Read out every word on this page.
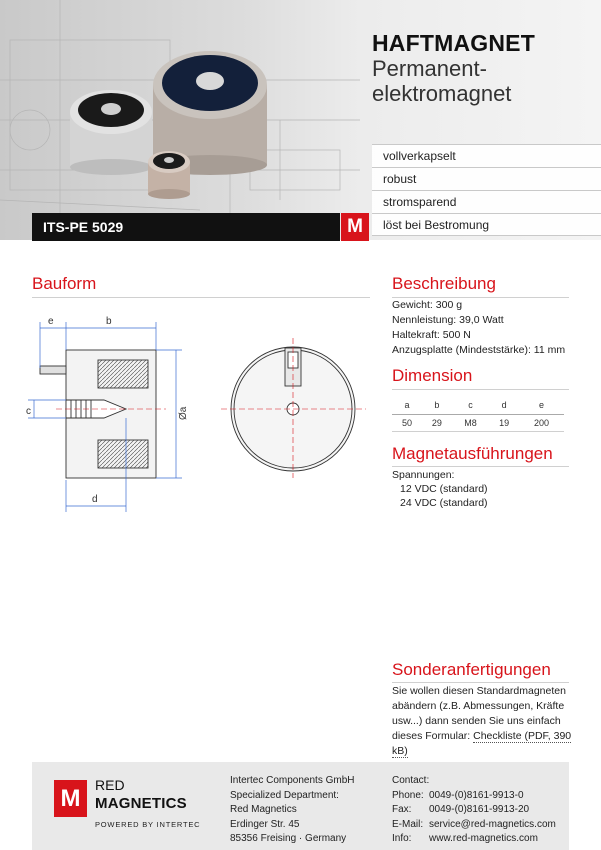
HAFTMAGNET
Permanent-
elektromagnet
vollverkapselt
robust
stromsparend
löst bei Bestromung
ITS-PE 5029	M
Bauform
e	b
c	Øa
d
Beschreibung
Gewicht: 300 g
Nennleistung: 39,0 Watt
Haltekraft: 500 N
Anzugsplatte (Mindeststärke): 11 mm
Dimension
a	b	c	d	e
50	29	M8	19	200
Magnetausführungen
Spannungen:
12 VDC (standard)
24 VDC (standard)
Sonderanfertigungen
Sie wollen diesen Standardmagneten
abändern (z.B. Abmessungen, Kräfte
usw...) dann senden Sie uns einfach
dieses Formular: Checkliste (PDF, 390 kB)
M	RED
MAGNETICS
POWERED BY INTERTEC
Intertec Components GmbH
Specialized Department:
Red Magnetics
Erdinger Str. 45
85356 Freising · Germany
Contact:
Phone: 0049-(0)8161-9913-0
Fax: 0049-(0)8161-9913-20
E-Mail: service@red-magnetics.com
Info: www.red-magnetics.com
